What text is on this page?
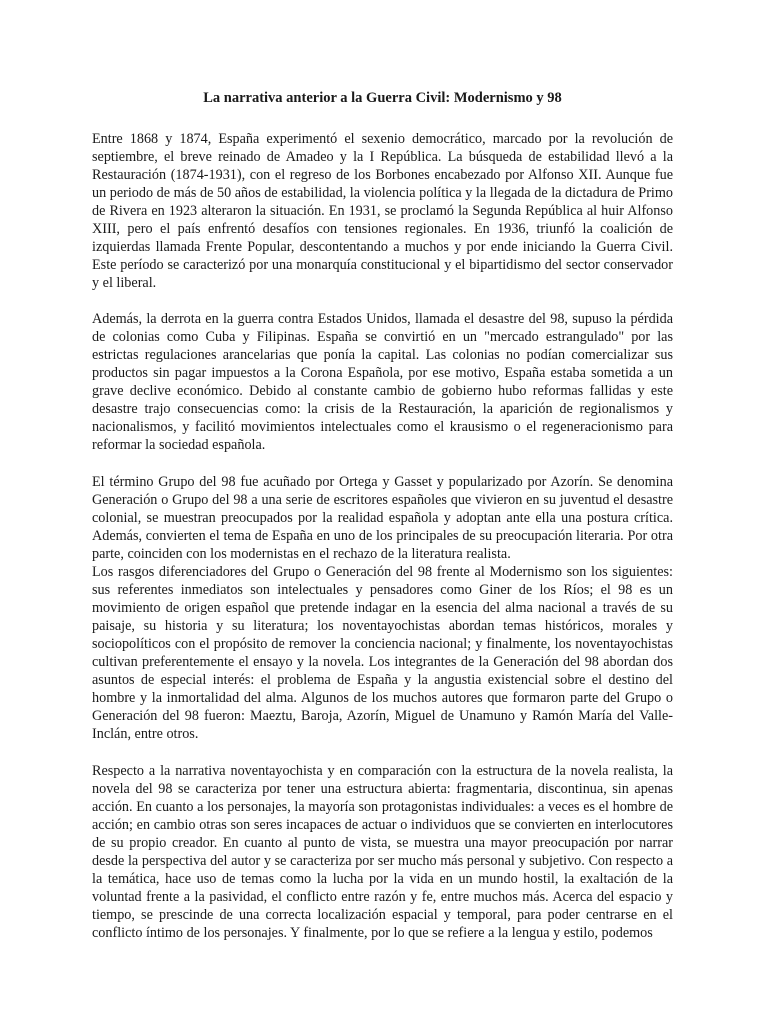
La narrativa anterior a la Guerra Civil: Modernismo y 98

Entre 1868 y 1874, España experimentó el sexenio democrático, marcado por la revolución de septiembre, el breve reinado de Amadeo y la I República. La búsqueda de estabilidad llevó a la Restauración (1874-1931), con el regreso de los Borbones encabezado por Alfonso XII. Aunque fue un periodo de más de 50 años de estabilidad, la violencia política y la llegada de la dictadura de Primo de Rivera en 1923 alteraron la situación. En 1931, se proclamó la Segunda República al huir Alfonso XIII, pero el país enfrentó desafíos con tensiones regionales. En 1936, triunfó la coalición de izquierdas llamada Frente Popular, descontentando a muchos y por ende iniciando la Guerra Civil. Este período se caracterizó por una monarquía constitucional y el bipartidismo del sector conservador y el liberal.

Además, la derrota en la guerra contra Estados Unidos, llamada el desastre del 98, supuso la pérdida de colonias como Cuba y Filipinas. España se convirtió en un "mercado estrangulado" por las estrictas regulaciones arancelarias que ponía la capital. Las colonias no podían comercializar sus productos sin pagar impuestos a la Corona Española, por ese motivo, España estaba sometida a un grave declive económico. Debido al constante cambio de gobierno hubo reformas fallidas y este desastre trajo consecuencias como: la crisis de la Restauración, la aparición de regionalismos y nacionalismos, y facilitó movimientos intelectuales como el krausismo o el regeneracionismo para reformar la sociedad española.

El término Grupo del 98 fue acuñado por Ortega y Gasset y popularizado por Azorín. Se denomina Generación o Grupo del 98 a una serie de escritores españoles que vivieron en su juventud el desastre colonial, se muestran preocupados por la realidad española y adoptan ante ella una postura crítica. Además, convierten el tema de España en uno de los principales de su preocupación literaria. Por otra parte, coinciden con los modernistas en el rechazo de la literatura realista.

Los rasgos diferenciadores del Grupo o Generación del 98 frente al Modernismo son los siguientes: sus referentes inmediatos son intelectuales y pensadores como Giner de los Ríos; el 98 es un movimiento de origen español que pretende indagar en la esencia del alma nacional a través de su paisaje, su historia y su literatura; los noventayochistas abordan temas históricos, morales y sociopolíticos con el propósito de remover la conciencia nacional; y finalmente, los noventayochistas cultivan preferentemente el ensayo y la novela. Los integrantes de la Generación del 98 abordan dos asuntos de especial interés: el problema de España y la angustia existencial sobre el destino del hombre y la inmortalidad del alma. Algunos de los muchos autores que formaron parte del Grupo o Generación del 98 fueron: Maeztu, Baroja, Azorín, Miguel de Unamuno y Ramón María del Valle-Inclán, entre otros.

Respecto a la narrativa noventayochista y en comparación con la estructura de la novela realista, la novela del 98 se caracteriza por tener una estructura abierta: fragmentaria, discontinua, sin apenas acción. En cuanto a los personajes, la mayoría son protagonistas individuales: a veces es el hombre de acción; en cambio otras son seres incapaces de actuar o individuos que se convierten en interlocutores de su propio creador. En cuanto al punto de vista, se muestra una mayor preocupación por narrar desde la perspectiva del autor y se caracteriza por ser mucho más personal y subjetivo. Con respecto a la temática, hace uso de temas como la lucha por la vida en un mundo hostil, la exaltación de la voluntad frente a la pasividad, el conflicto entre razón y fe, entre muchos más. Acerca del espacio y tiempo, se prescinde de una correcta localización espacial y temporal, para poder centrarse en el conflicto íntimo de los personajes. Y finalmente, por lo que se refiere a la lengua y estilo, podemos
